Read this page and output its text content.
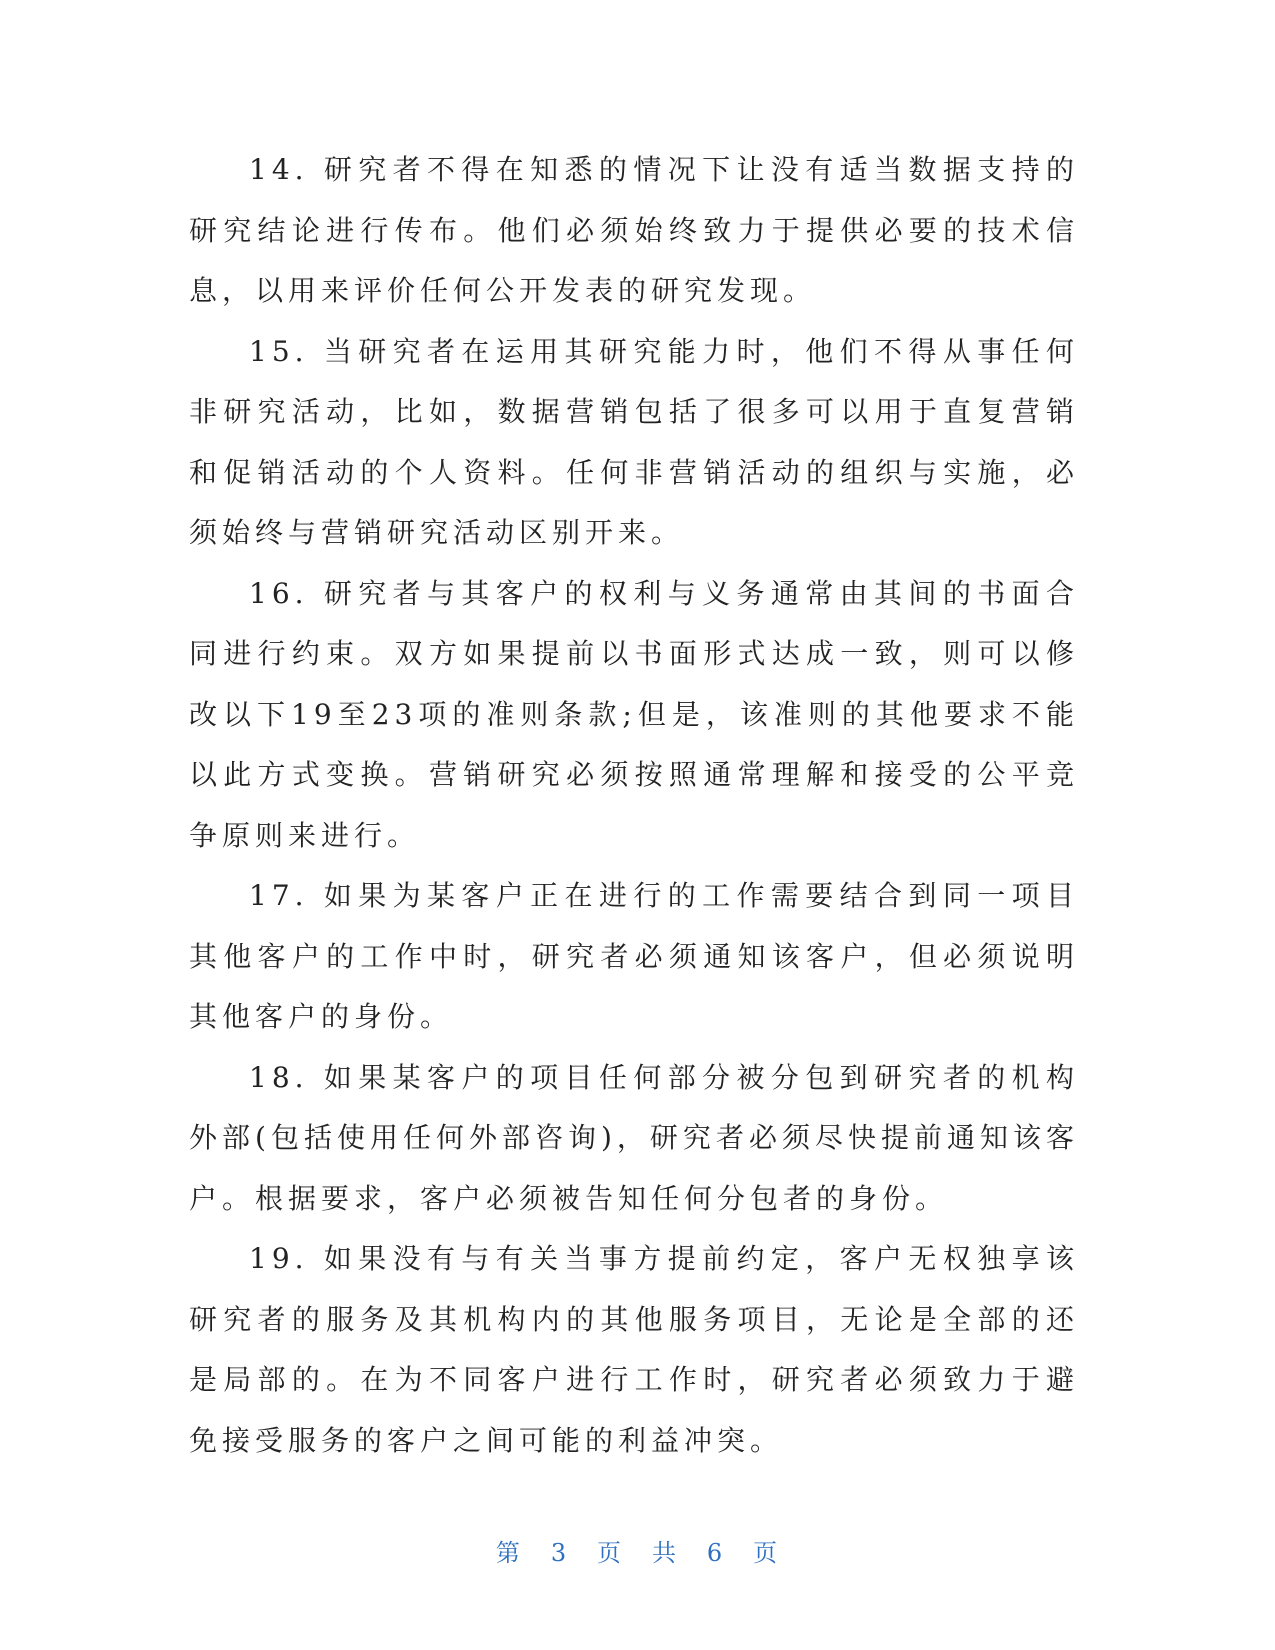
14. 研究者不得在知悉的情况下让没有适当数据支持的研究结论进行传布。他们必须始终致力于提供必要的技术信息，以用来评价任何公开发表的研究发现。

15. 当研究者在运用其研究能力时，他们不得从事任何非研究活动，比如，数据营销包括了很多可以用于直复营销和促销活动的个人资料。任何非营销活动的组织与实施，必须始终与营销研究活动区别开来。

16. 研究者与其客户的权利与义务通常由其间的书面合同进行约束。双方如果提前以书面形式达成一致，则可以修改以下19至23项的准则条款;但是，该准则的其他要求不能以此方式变换。营销研究必须按照通常理解和接受的公平竞争原则来进行。

17. 如果为某客户正在进行的工作需要结合到同一项目其他客户的工作中时，研究者必须通知该客户，但必须说明其他客户的身份。

18. 如果某客户的项目任何部分被分包到研究者的机构外部(包括使用任何外部咨询)，研究者必须尽快提前通知该客户。根据要求，客户必须被告知任何分包者的身份。

19. 如果没有与有关当事方提前约定，客户无权独享该研究者的服务及其机构内的其他服务项目，无论是全部的还是局部的。在为不同客户进行工作时，研究者必须致力于避免接受服务的客户之间可能的利益冲突。

第 3 页 共 6 页
